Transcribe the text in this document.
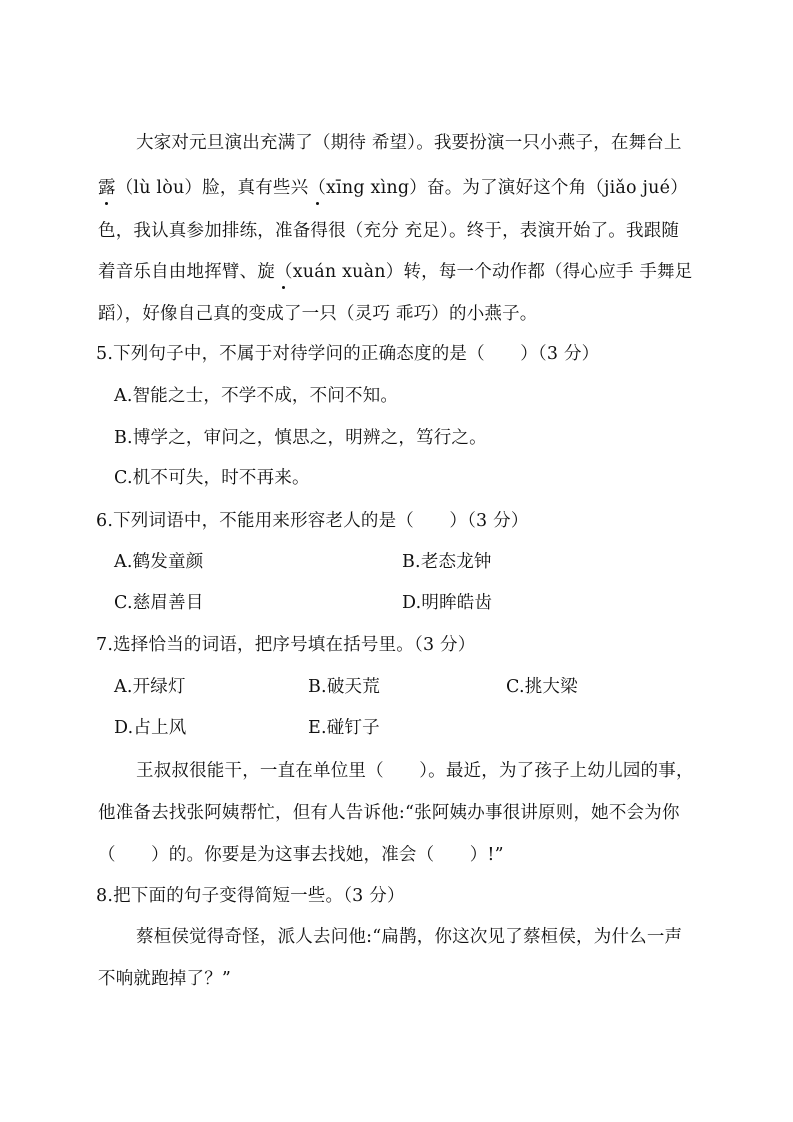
大家对元旦演出充满了（期待 希望）。我要扮演一只小燕子，在舞台上
露（lù lòu）脸，真有些兴（xīng xìng）奋。为了演好这个角（jiǎo jué）
色，我认真参加排练，准备得很（充分 充足）。终于，表演开始了。我跟随
着音乐自由地挥臂、旋（xuán xuàn）转，每一个动作都（得心应手 手舞足
蹈），好像自己真的变成了一只（灵巧 乖巧）的小燕子。
5.下列句子中，不属于对待学问的正确态度的是（　　）（3 分）
A.智能之士，不学不成，不问不知。
B.博学之，审问之，慎思之，明辨之，笃行之。
C.机不可失，时不再来。
6.下列词语中，不能用来形容老人的是（　　）（3 分）
A.鹤发童颜	B.老态龙钟
C.慈眉善目	D.明眸皓齿
7.选择恰当的词语，把序号填在括号里。（3 分）
A.开绿灯	B.破天荒	C.挑大梁
D.占上风	E.碰钉子
王叔叔很能干，一直在单位里（　　）。最近，为了孩子上幼儿园的事，
他准备去找张阿姨帮忙，但有人告诉他:“张阿姨办事很讲原则，她不会为你
（　　）的。你要是为这事去找她，准会（　　）!”
8.把下面的句子变得简短一些。（3 分）
蔡桓侯觉得奇怪，派人去问他:“扁鹊，你这次见了蔡桓侯，为什么一声
不响就跑掉了？”
